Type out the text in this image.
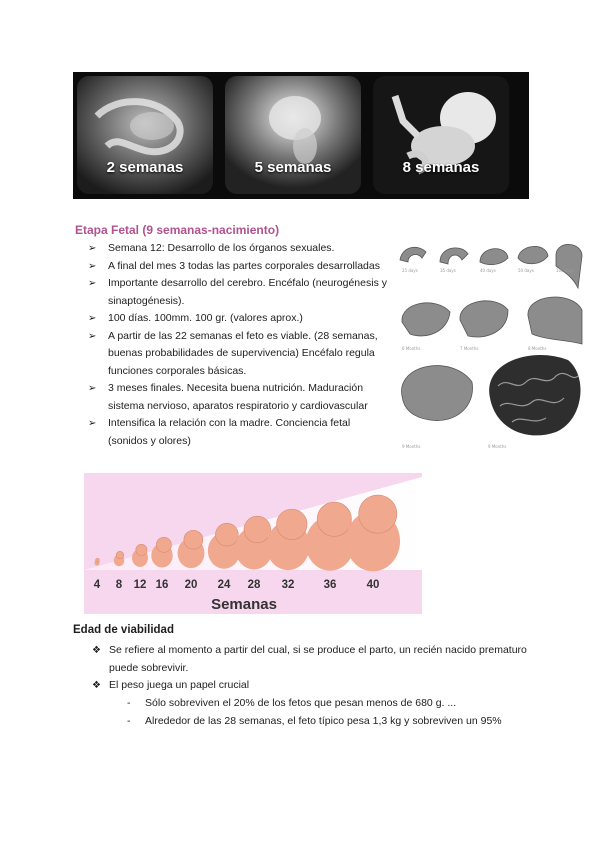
2 semanas	5 semanas	8 semanas
Etapa Fetal (9 semanas-nacimiento)
➢ Semana 12: Desarrollo de los órganos sexuales.
➢ A final del mes 3 todas las partes corporales desarrolladas
➢ Importante desarrollo del cerebro. Encéfalo (neurogénesis y sinaptogénesis).
➢ 100 días. 100mm. 100 gr. (valores aprox.)
➢ A partir de las 22 semanas el feto es viable. (28 semanas, buenas probabilidades de supervivencia) Encéfalo regula funciones corporales básicas.
➢ 3 meses finales. Necesita buena nutrición. Maduración sistema nervioso, aparatos respiratorio y cardiovascular
➢ Intensifica la relación con la madre. Conciencia fetal (sonidos y olores)
25 days	35 days	40 days	50 days	100 days
6 Months	7 Months	8 Months
9 Months	9 Months
4 8 12 16 20 24 28 32	36	40
Semanas
Edad de viabilidad
❖ Se refiere al momento a partir del cual, si se produce el parto, un recién nacido prematuro puede sobrevivir.
❖ El peso juega un papel crucial
- Sólo sobreviven el 20% de los fetos que pesan menos de 680 g. ...
- Alrededor de las 28 semanas, el feto típico pesa 1,3 kg y sobreviven un 95%
